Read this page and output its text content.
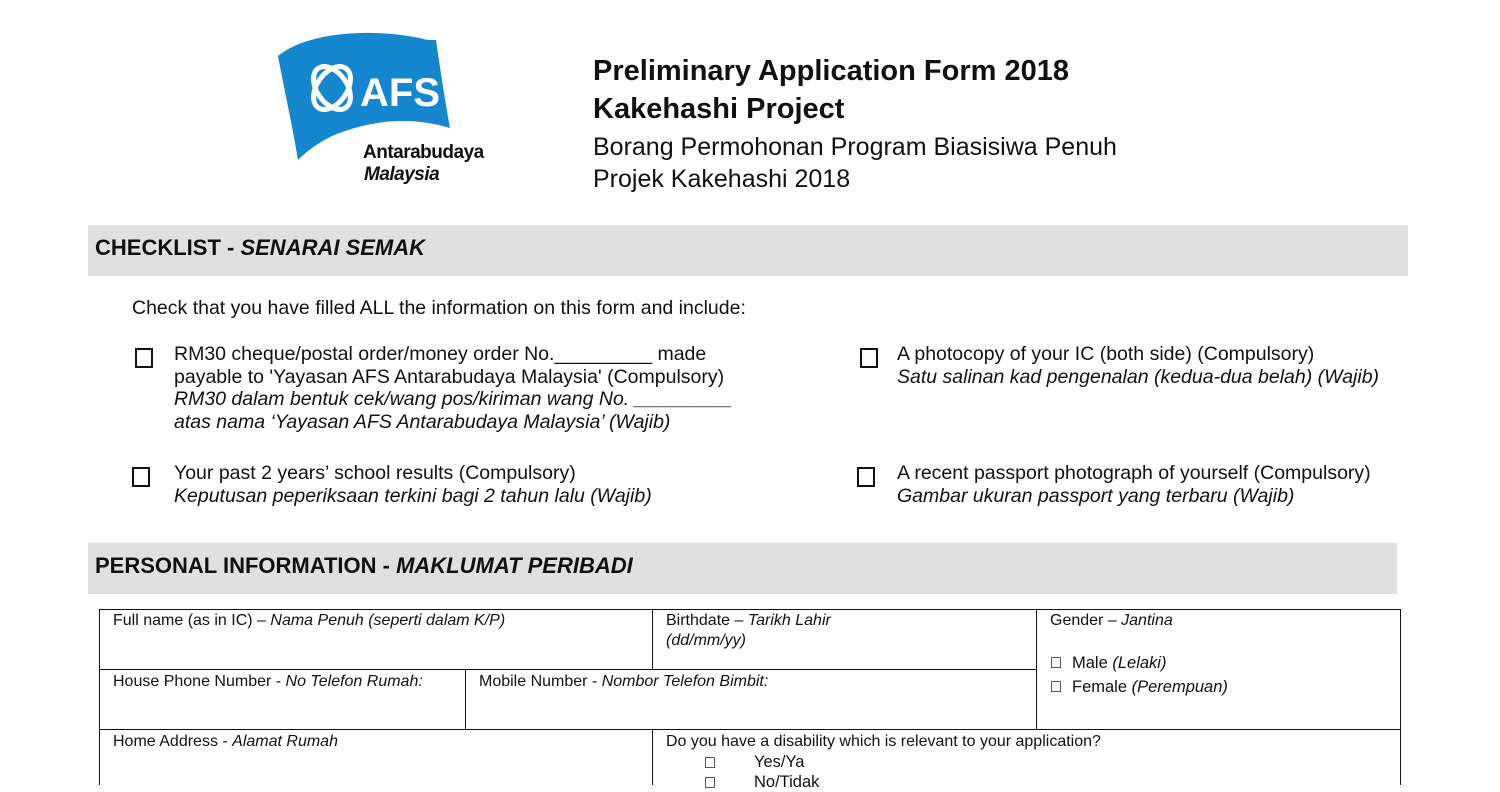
AFS
Antarabudaya
Malaysia
Preliminary Application Form 2018
Kakehashi Project
Borang Permohonan Program Biasisiwa Penuh
Projek Kakehashi 2018
CHECKLIST - SENARAI SEMAK
Check that you have filled ALL the information on this form and include:
RM30 cheque/postal order/money order No._________ made
payable to 'Yayasan AFS Antarabudaya Malaysia' (Compulsory)
RM30 dalam bentuk cek/wang pos/kiriman wang No. _________
atas nama ‘Yayasan AFS Antarabudaya Malaysia’ (Wajib)
A photocopy of your IC (both side) (Compulsory)
Satu salinan kad pengenalan (kedua-dua belah) (Wajib)
Your past 2 years’ school results (Compulsory)
Keputusan peperiksaan terkini bagi 2 tahun lalu (Wajib)
A recent passport photograph of yourself (Compulsory)
Gambar ukuran passport yang terbaru (Wajib)
PERSONAL INFORMATION - MAKLUMAT PERIBADI
Full name (as in IC) – Nama Penuh (seperti dalam K/P)	Birthdate – Tarikh Lahir
(dd/mm/yy)
Gender – Jantina
Male (Lelaki)
Female (Perempuan)
House Phone Number - No Telefon Rumah:	Mobile Number - Nombor Telefon Bimbit:
Home Address - Alamat Rumah	Do you have a disability which is relevant to your application?
Yes/Ya
No/Tidak
